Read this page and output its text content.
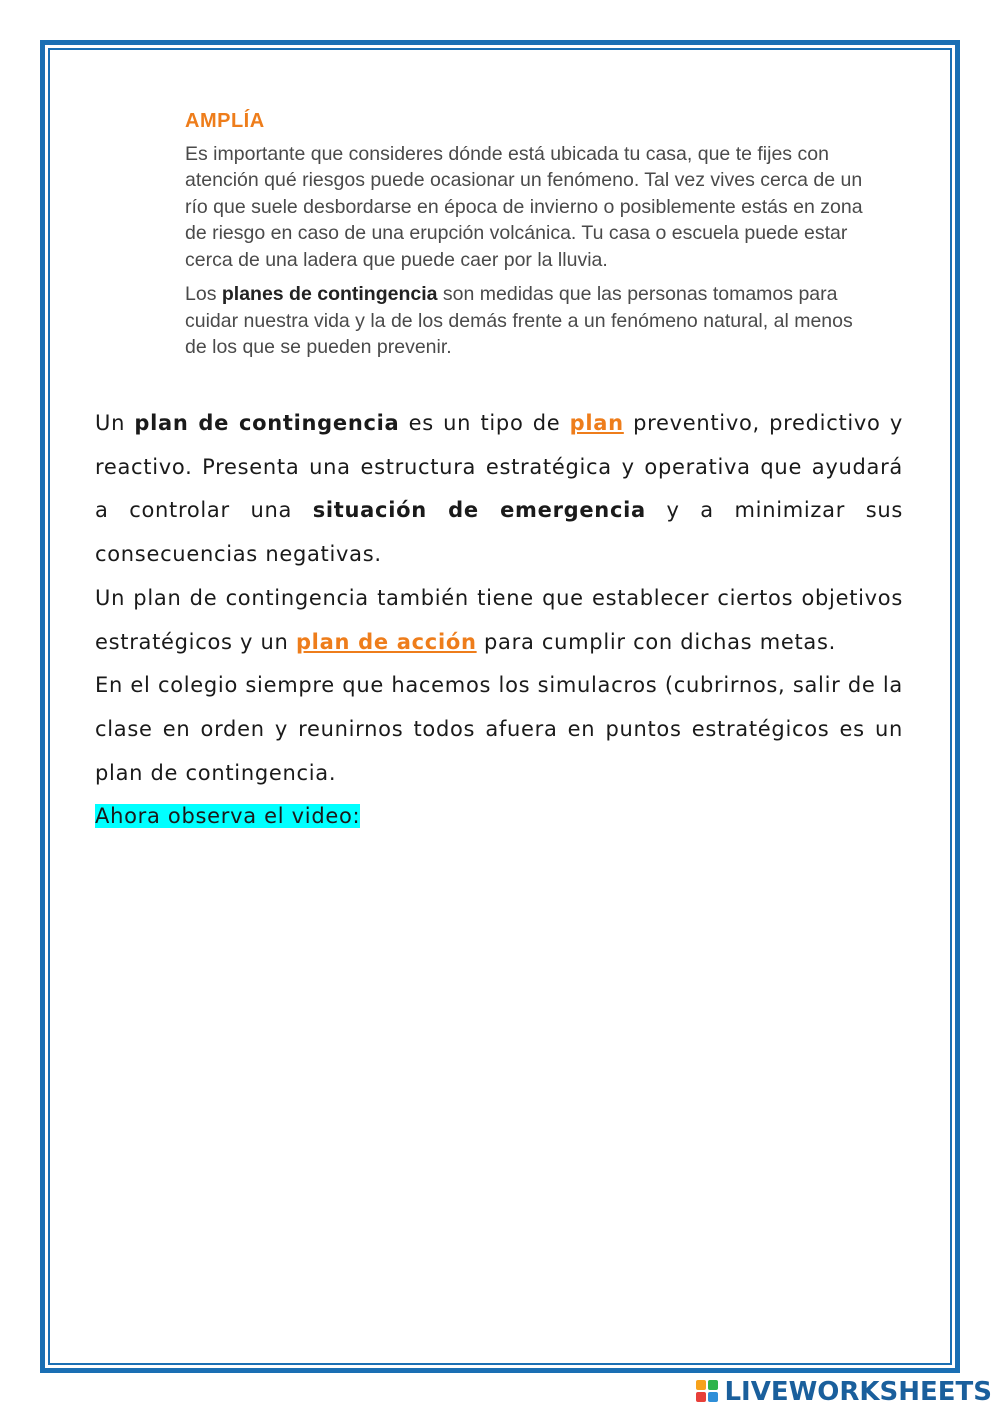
AMPLÍA

Es importante que consideres dónde está ubicada tu casa, que te fijes con atención qué riesgos puede ocasionar un fenómeno. Tal vez vives cerca de un río que suele desbordarse en época de invierno o posiblemente estás en zona de riesgo en caso de una erupción volcánica. Tu casa o escuela puede estar cerca de una ladera que puede caer por la lluvia.

Los planes de contingencia son medidas que las personas tomamos para cuidar nuestra vida y la de los demás frente a un fenómeno natural, al menos de los que se pueden prevenir.

Un plan de contingencia es un tipo de plan preventivo, predictivo y reactivo. Presenta una estructura estratégica y operativa que ayudará a controlar una situación de emergencia y a minimizar sus consecuencias negativas.

Un plan de contingencia también tiene que establecer ciertos objetivos estratégicos y un plan de acción para cumplir con dichas metas.

En el colegio siempre que hacemos los simulacros (cubrirnos, salir de la clase en orden y reunirnos todos afuera en puntos estratégicos es un plan de contingencia.

Ahora observa el video:

LIVEWORKSHEETS
